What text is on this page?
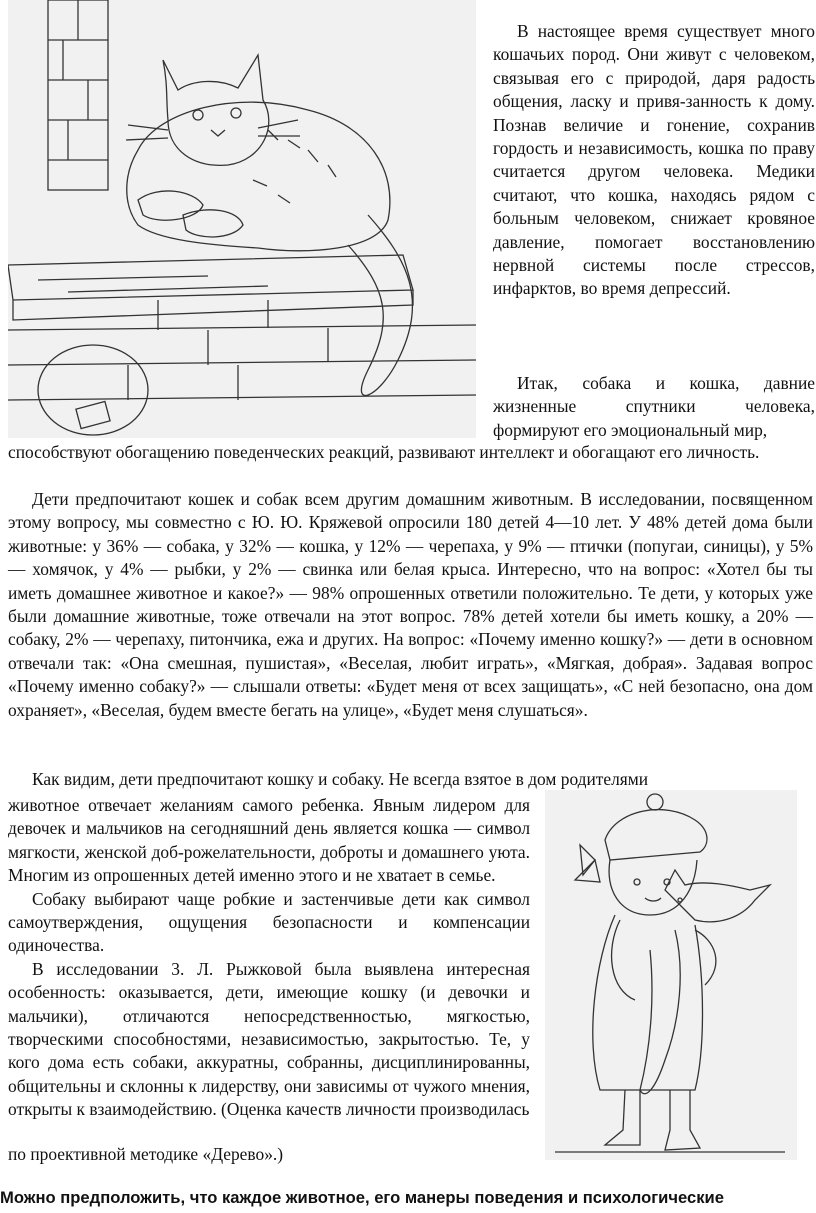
В настоящее время существует много кошачьих пород. Они живут с человеком, связывая его с природой, даря радость общения, ласку и привя-занность к дому. Познав величие и гонение, сохранив гордость и независимость, кошка по праву считается другом человека. Медики считают, что кошка, находясь рядом с больным человеком, снижает кровяное давление, помогает восстановлению нервной системы после стрессов, инфарктов, во время депрессий.

Итак, собака и кошка, давние жизненные спутники человека, формируют его эмоциональный мир,

способствуют обогащению поведенческих реакций, развивают интеллект и обогащают его личность.

Дети предпочитают кошек и собак всем другим домашним животным. В исследовании, посвященном этому вопросу, мы совместно с Ю. Ю. Кряжевой опросили 180 детей 4—10 лет. У 48% детей дома были животные: у 36% — собака, у 32% — кошка, у 12% — черепаха, у 9% — птички (попугаи, синицы), у 5% — хомячок, у 4% — рыбки, у 2% — свинка или белая крыса. Интересно, что на вопрос: «Хотел бы ты иметь домашнее животное и какое?» — 98% опрошенных ответили положительно. Те дети, у которых уже были домашние животные, тоже отвечали на этот вопрос. 78% детей хотели бы иметь кошку, а 20% — собаку, 2% — черепаху, питончика, ежа и других. На вопрос: «Почему именно кошку?» — дети в основном отвечали так: «Она смешная, пушистая», «Веселая, любит играть», «Мягкая, добрая». Задавая вопрос «Почему именно собаку?» — слышали ответы: «Будет меня от всех защищать», «С ней безопасно, она дом охраняет», «Веселая, будем вместе бегать на улице», «Будет меня слушаться».

Как видим, дети предпочитают кошку и собаку. Не всегда взятое в дом родителями

животное отвечает желаниям самого ребенка. Явным лидером для девочек и мальчиков на сегодняшний день является кошка — символ мягкости, женской доб-рожелательности, доброты и домашнего уюта. Многим из опрошенных детей именно этого и не хватает в семье.

Собаку выбирают чаще робкие и застенчивые дети как символ самоутверждения, ощущения безопасности и компенсации одиночества.

В исследовании 3. Л. Рыжковой была выявлена интересная особенность: оказывается, дети, имеющие кошку (и девочки и мальчики), отличаются непосредственностью, мягкостью, творческими способностями, независимостью, закрытостью. Те, у кого дома есть собаки, аккуратны, собранны, дисциплинированны, общительны и склонны к лидерству, они зависимы от чужого мнения, открыты к взаимодействию. (Оценка качеств личности производилась

по проективной методике «Дерево».)

Можно предположить, что каждое животное, его манеры поведения и психологические
